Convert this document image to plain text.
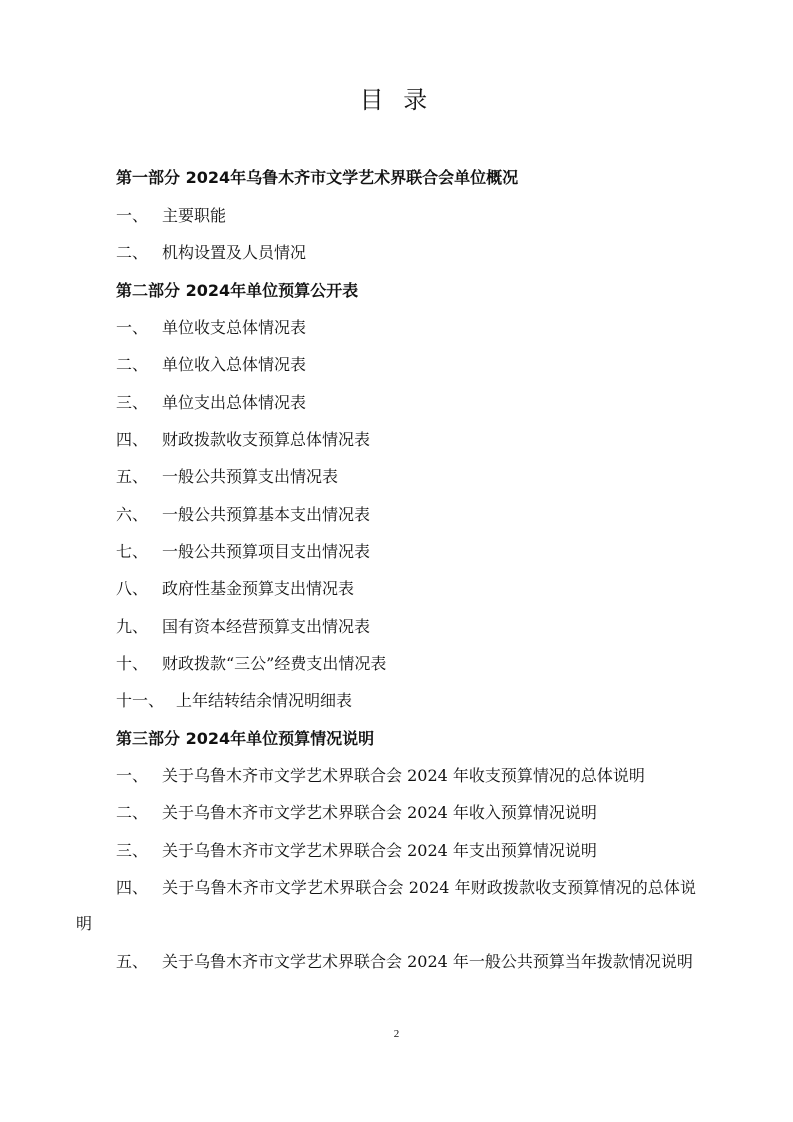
目 录
第一部分 2024年乌鲁木齐市文学艺术界联合会单位概况
一、 主要职能
二、 机构设置及人员情况
第二部分 2024年单位预算公开表
一、 单位收支总体情况表
二、 单位收入总体情况表
三、 单位支出总体情况表
四、 财政拨款收支预算总体情况表
五、 一般公共预算支出情况表
六、 一般公共预算基本支出情况表
七、 一般公共预算项目支出情况表
八、 政府性基金预算支出情况表
九、 国有资本经营预算支出情况表
十、 财政拨款“三公”经费支出情况表
十一、 上年结转结余情况明细表
第三部分 2024年单位预算情况说明
一、 关于乌鲁木齐市文学艺术界联合会 2024 年收支预算情况的总体说明
二、 关于乌鲁木齐市文学艺术界联合会 2024 年收入预算情况说明
三、 关于乌鲁木齐市文学艺术界联合会 2024 年支出预算情况说明
四、 关于乌鲁木齐市文学艺术界联合会 2024 年财政拨款收支预算情况的总体说明
五、 关于乌鲁木齐市文学艺术界联合会 2024 年一般公共预算当年拨款情况说明
2
